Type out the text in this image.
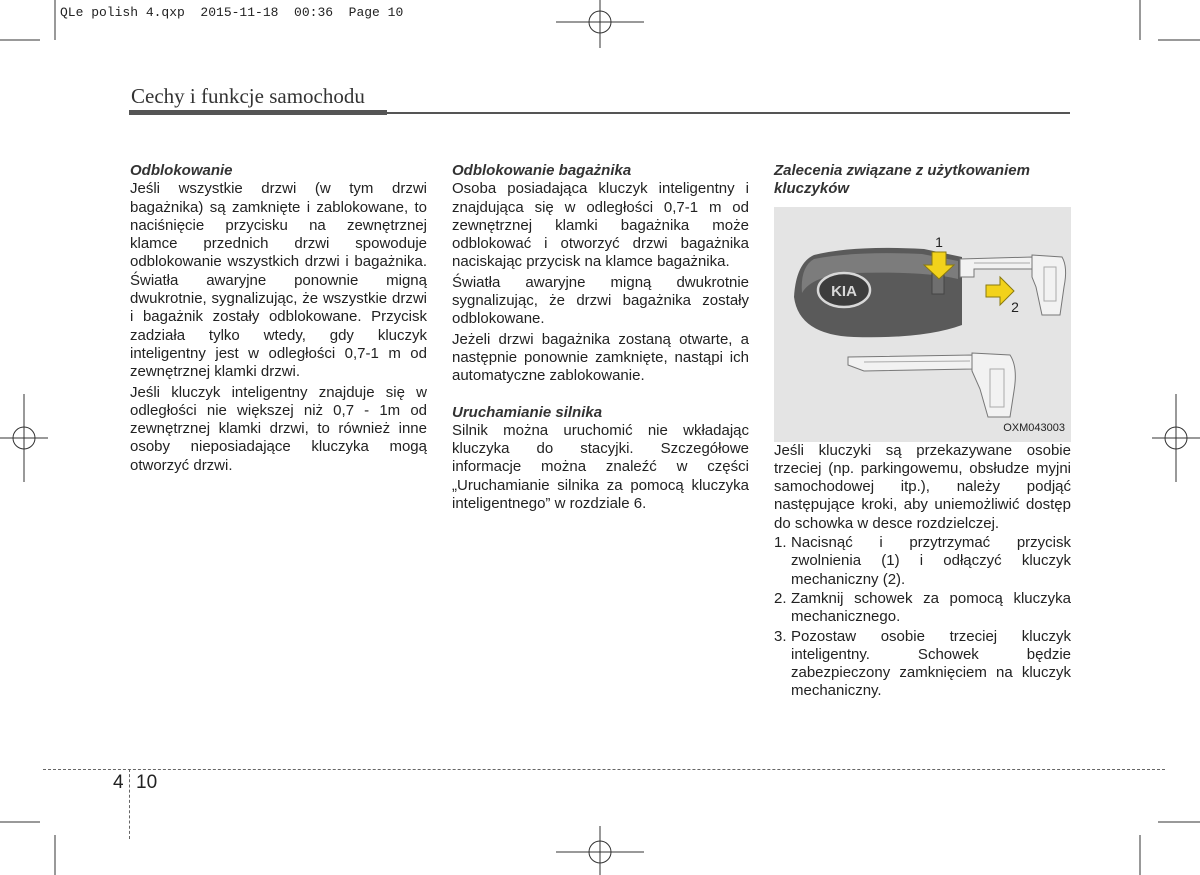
QLe polish 4.qxp  2015-11-18  00:36  Page 10
Cechy i funkcje samochodu
Odblokowanie

Jeśli wszystkie drzwi (w tym drzwi bagażnika) są zamknięte i zablokowane, to naciśnięcie przycisku na zewnętrznej klamce przednich drzwi spowoduje odblokowanie wszystkich drzwi i bagażnika. Światła awaryjne ponownie migną dwukrotnie, sygnalizując, że wszystkie drzwi i bagażnik zostały odblokowane. Przycisk zadziała tylko wtedy, gdy kluczyk inteligentny jest w odległości 0,7-1 m od zewnętrznej klamki drzwi.

Jeśli kluczyk inteligentny znajduje się w odległości nie większej niż 0,7 - 1m od zewnętrznej klamki drzwi, to również inne osoby nieposiadające kluczyka mogą otworzyć drzwi.

Odblokowanie bagażnika

Osoba posiadająca kluczyk inteligentny i znajdująca się w odległości 0,7-1 m od zewnętrznej klamki bagażnika może odblokować i otworzyć drzwi bagażnika naciskając przycisk na klamce bagażnika.

Światła awaryjne migną dwukrotnie sygnalizując, że drzwi bagażnika zostały odblokowane.

Jeżeli drzwi bagażnika zostaną otwarte, a następnie ponownie zamknięte, nastąpi ich automatyczne zablokowanie.

Uruchamianie silnika

Silnik można uruchomić nie wkładając kluczyka do stacyjki. Szczegółowe informacje można znaleźć w części „Uruchamianie silnika za pomocą kluczyka inteligentnego” w rozdziale 6.

Zalecenia związane z użytkowaniem kluczyków
KIA
1
2
OXM043003

Jeśli kluczyki są przekazywane osobie trzeciej (np. parkingowemu, obsłudze myjni samochodowej itp.), należy podjąć następujące kroki, aby uniemożliwić dostęp do schowka w desce rozdzielczej.

1. Nacisnąć i przytrzymać przycisk zwolnienia (1) i odłączyć kluczyk mechaniczny (2).
2. Zamknij schowek za pomocą kluczyka mechanicznego.
3. Pozostaw osobie trzeciej kluczyk inteligentny. Schowek będzie zabezpieczony zamknięciem na kluczyk mechaniczny.
4 10
